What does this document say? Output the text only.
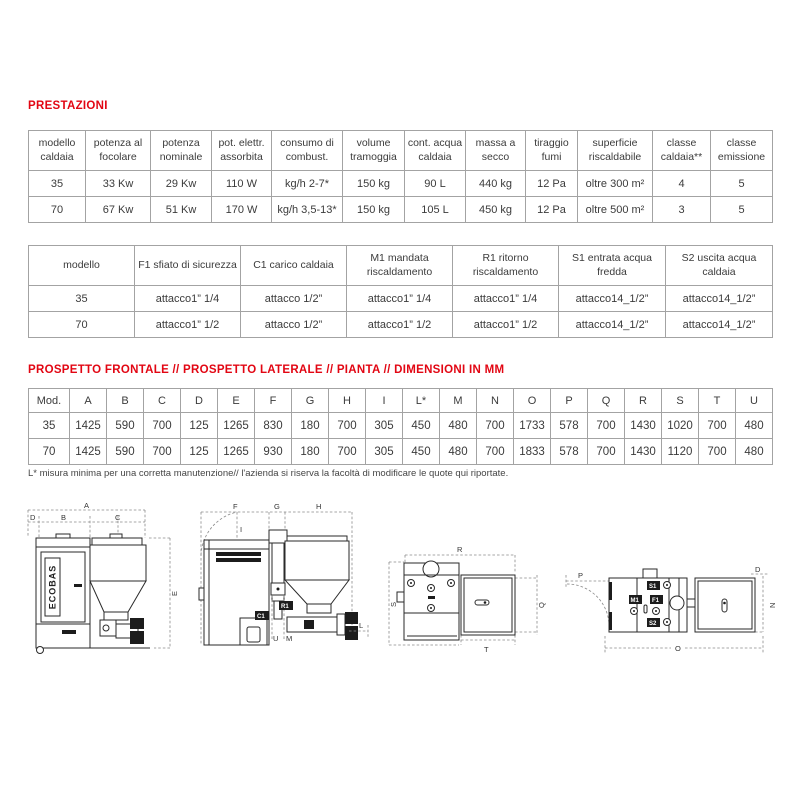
PRESTAZIONI
modello caldaia	potenza al focolare	potenza nominale	pot. elettr. assorbita	consumo di combust.	volume tramoggia	cont. acqua caldaia	massa a secco	tiraggio fumi	superficie riscaldabile	classe caldaia**	classe emissione
35	33 Kw	29 Kw	110 W	kg/h 2-7*	150 kg	90 L	440 kg	12 Pa	oltre 300 m²	4	5
70	67 Kw	51 Kw	170 W	kg/h 3,5-13*	150 kg	105 L	450 kg	12 Pa	oltre 500 m²	3	5
modello	F1 sfiato di sicurezza	C1 carico caldaia	M1 mandata riscaldamento	R1 ritorno riscaldamento	S1 entrata acqua fredda	S2 uscita acqua caldaia
35	attacco1” 1/4	attacco 1/2”	attacco1” 1/4	attacco1” 1/4	attacco14_1/2”	attacco14_1/2”
70	attacco1” 1/2	attacco 1/2”	attacco1” 1/2	attacco1” 1/2	attacco14_1/2”	attacco14_1/2”
PROSPETTO FRONTALE // PROSPETTO LATERALE // PIANTA // DIMENSIONI IN MM
Mod.	A	B	C	D	E	F	G	H	I	L*	M	N	O	P	Q	R	S	T	U
35	1425	590	700	125	1265	830	180	700	305	450	480	700	1733	578	700	1430	1020	700	480
70	1425	590	700	125	1265	930	180	700	305	450	480	700	1833	578	700	1430	1120	700	480
L* misura minima per una corretta manutenzione// l'azienda si riserva la facoltà di modificare le quote qui riportate.
A
D	B	C
E
ECOBAS
F	G	H
I
R1
C1
U M
L
R
S	Q
T
P
D
N
O
S1
M1 F1
S2
